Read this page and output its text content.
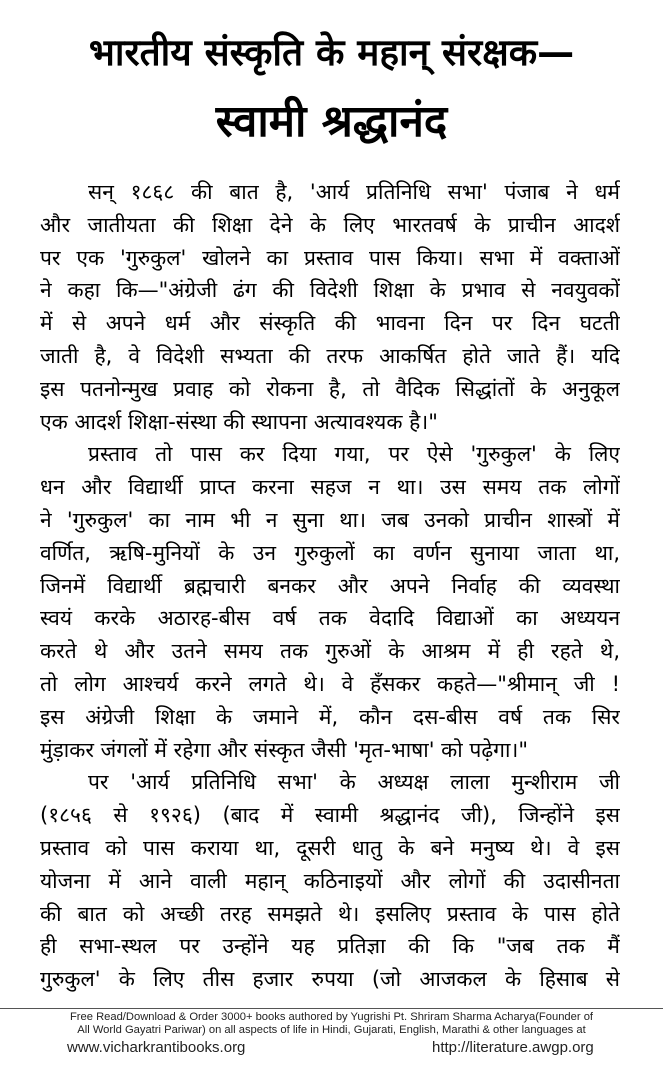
भारतीय संस्कृति के महान् संरक्षक—
स्वामी श्रद्धानंद
सन् १८६८ की बात है, 'आर्य प्रतिनिधि सभा' पंजाब ने धर्म
और जातीयता की शिक्षा देने के लिए भारतवर्ष के प्राचीन आदर्श
पर एक 'गुरुकुल' खोलने का प्रस्ताव पास किया। सभा में वक्ताओं
ने कहा कि—"अंग्रेजी ढंग की विदेशी शिक्षा के प्रभाव से नवयुवकों
में से अपने धर्म और संस्कृति की भावना दिन पर दिन घटती
जाती है, वे विदेशी सभ्यता की तरफ आकर्षित होते जाते हैं। यदि
इस पतनोन्मुख प्रवाह को रोकना है, तो वैदिक सिद्धांतों के अनुकूल
एक आदर्श शिक्षा-संस्था की स्थापना अत्यावश्यक है।"
प्रस्ताव तो पास कर दिया गया, पर ऐसे 'गुरुकुल' के लिए
धन और विद्यार्थी प्राप्त करना सहज न था। उस समय तक लोगों
ने 'गुरुकुल' का नाम भी न सुना था। जब उनको प्राचीन शास्त्रों में
वर्णित, ऋषि-मुनियों के उन गुरुकुलों का वर्णन सुनाया जाता था,
जिनमें विद्यार्थी ब्रह्मचारी बनकर और अपने निर्वाह की व्यवस्था
स्वयं करके अठारह-बीस वर्ष तक वेदादि विद्याओं का अध्ययन
करते थे और उतने समय तक गुरुओं के आश्रम में ही रहते थे,
तो लोग आश्चर्य करने लगते थे। वे हँसकर कहते—"श्रीमान् जी !
इस अंग्रेजी शिक्षा के जमाने में, कौन दस-बीस वर्ष तक सिर
मुंड़ाकर जंगलों में रहेगा और संस्कृत जैसी 'मृत-भाषा' को पढ़ेगा।"
पर 'आर्य प्रतिनिधि सभा' के अध्यक्ष लाला मुन्शीराम जी
(१८५६ से १९२६) (बाद में स्वामी श्रद्धानंद जी), जिन्होंने इस
प्रस्ताव को पास कराया था, दूसरी धातु के बने मनुष्य थे। वे इस
योजना में आने वाली महान् कठिनाइयों और लोगों की उदासीनता
की बात को अच्छी तरह समझते थे। इसलिए प्रस्ताव के पास होते
ही सभा-स्थल पर उन्होंने यह प्रतिज्ञा की कि "जब तक मैं
गुरुकुल' के लिए तीस हजार रुपया (जो आजकल के हिसाब से
Free Read/Download & Order 3000+ books authored by Yugrishi Pt. Shriram Sharma Acharya(Founder of
All World Gayatri Pariwar) on all aspects of life in Hindi, Gujarati, English, Marathi & other languages at
www.vicharkrantibooks.org	http://literature.awgp.org
